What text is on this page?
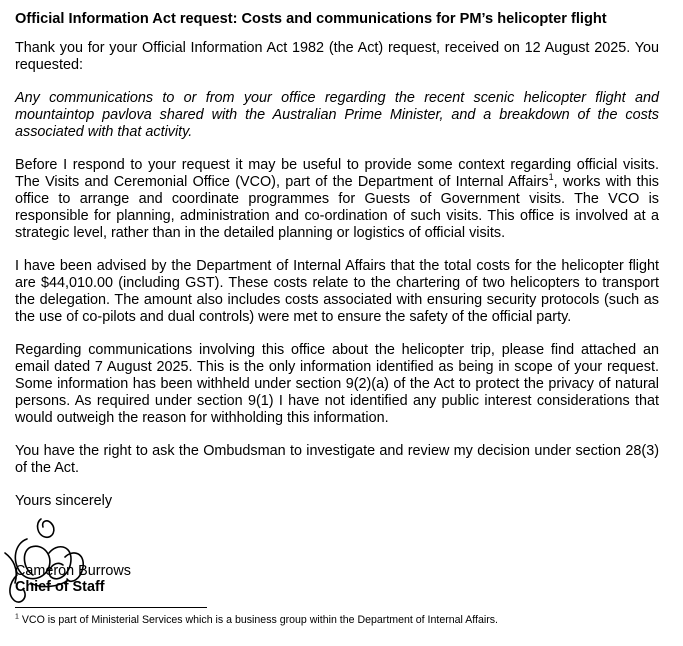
Official Information Act request: Costs and communications for PM’s helicopter flight

Thank you for your Official Information Act 1982 (the Act) request, received on 12 August 2025. You requested:

Any communications to or from your office regarding the recent scenic helicopter flight and mountaintop pavlova shared with the Australian Prime Minister, and a breakdown of the costs associated with that activity.

Before I respond to your request it may be useful to provide some context regarding official visits. The Visits and Ceremonial Office (VCO), part of the Department of Internal Affairs$^1$, works with this office to arrange and coordinate programmes for Guests of Government visits. The VCO is responsible for planning, administration and co-ordination of such visits. This office is involved at a strategic level, rather than in the detailed planning or logistics of official visits.

I have been advised by the Department of Internal Affairs that the total costs for the helicopter flight are $44,010.00 (including GST). These costs relate to the chartering of two helicopters to transport the delegation. The amount also includes costs associated with ensuring security protocols (such as the use of co-pilots and dual controls) were met to ensure the safety of the official party.

Regarding communications involving this office about the helicopter trip, please find attached an email dated 7 August 2025. This is the only information identified as being in scope of your request. Some information has been withheld under section 9(2)(a) of the Act to protect the privacy of natural persons. As required under section 9(1) I have not identified any public interest considerations that would outweigh the reason for withholding this information.

You have the right to ask the Ombudsman to investigate and review my decision under section 28(3) of the Act.

Yours sincerely

Cameron Burrows
Chief of Staff
$^1$ VCO is part of Ministerial Services which is a business group within the Department of Internal Affairs.
